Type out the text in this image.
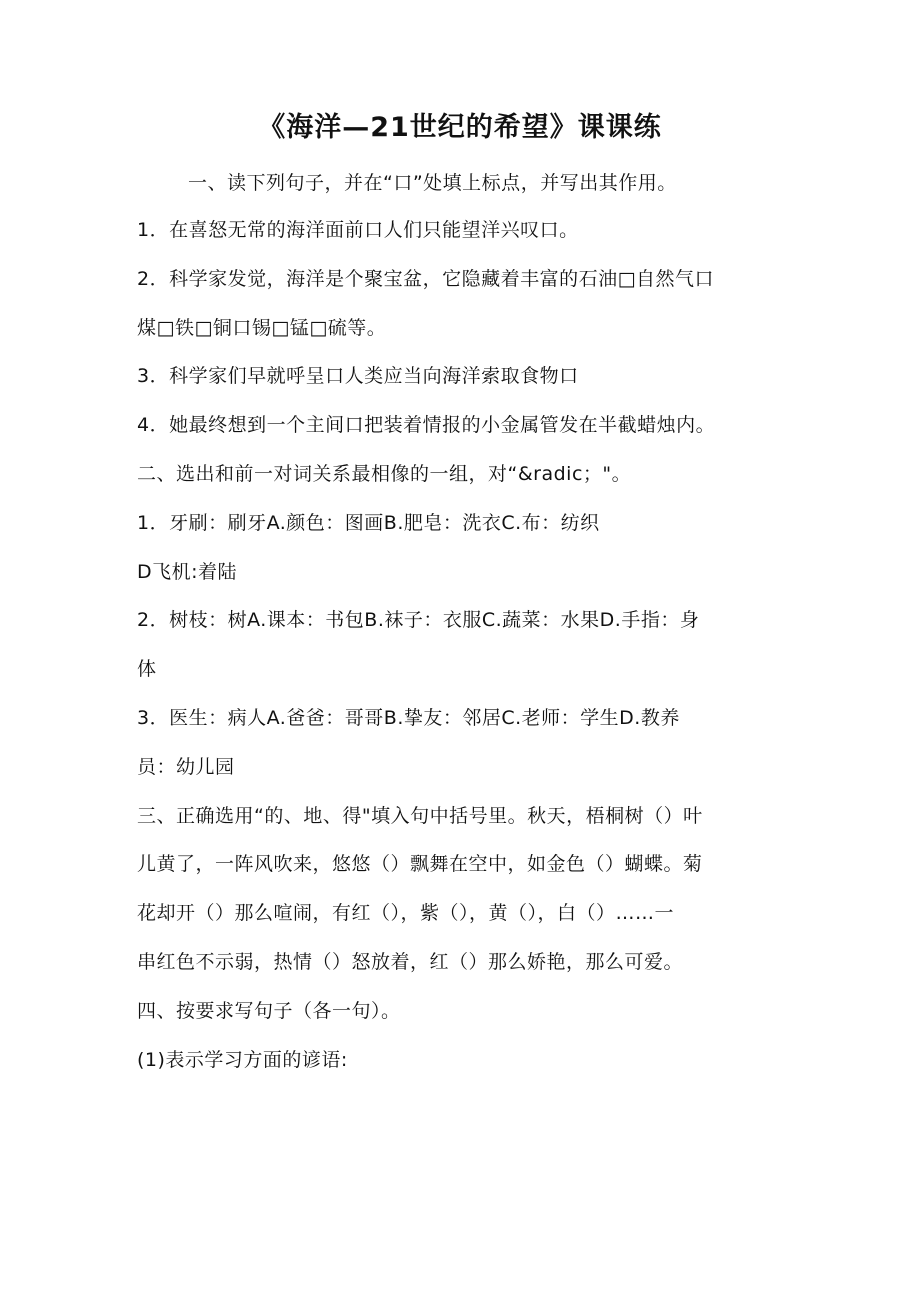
《海洋—21世纪的希望》课课练
一、读下列句子，并在“口”处填上标点，并写出其作用。
1．在喜怒无常的海洋面前口人们只能望洋兴叹口。
2．科学家发觉，海洋是个聚宝盆，它隐藏着丰富的石油□自然气口
煤□铁□铜口锡□锰□硫等。
3．科学家们早就呼呈口人类应当向海洋索取食物口
4．她最终想到一个主间口把装着情报的小金属管发在半截蜡烛内。
二、选出和前一对词关系最相像的一组，对“&radic；"。
1．牙刷：刷牙A.颜色：图画B.肥皂：洗衣C.布：纺织
D飞机:着陆
2．树枝：树A.课本：书包B.袜子：衣服C.蔬菜：水果D.手指：身
体
3．医生：病人A.爸爸：哥哥B.挚友：邻居C.老师：学生D.教养
员：幼儿园
三、正确选用“的、地、得"填入句中括号里。秋天，梧桐树（）叶
儿黄了，一阵风吹来，悠悠（）飘舞在空中，如金色（）蝴蝶。菊
花却开（）那么喧闹，有红（），紫（），黄（），白（）……一
串红色不示弱，热情（）怒放着，红（）那么娇艳，那么可爱。
四、按要求写句子（各一句）。
(1)表示学习方面的谚语:
